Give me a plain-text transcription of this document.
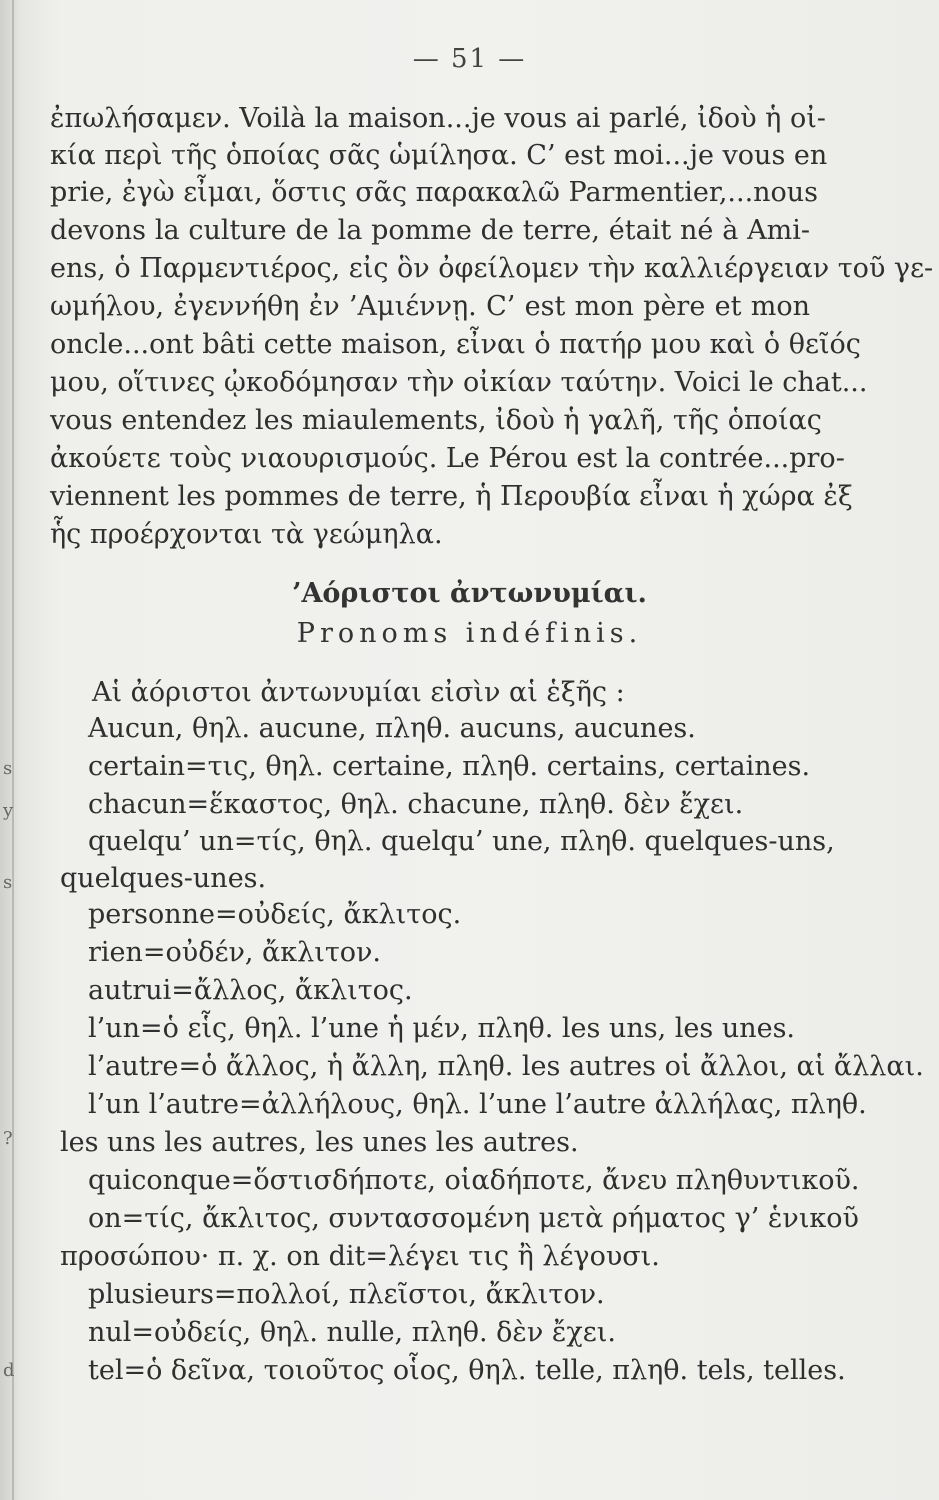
— 51 —
ἐπωλήσαμεν. Voilà la maison...je vous ai parlé, ἰδοὺ ἡ οἰ-
κία περὶ τῆς ὁποίας σᾶς ὡμίλησα. C’ est moi...je vous en
prie, ἐγὼ εἶμαι, ὅστις σᾶς παρακαλῶ Parmentier,...nous
devons la culture de la pomme de terre, était né à Ami-
ens, ὁ Παρμεντιέρος, εἰς ὃν ὀφείλομεν τὴν καλλιέργειαν τοῦ γε-
ωμήλου, ἐγεννήθη ἐν ’Αμιέννῃ. C’ est mon père et mon
oncle...ont bâti cette maison, εἶναι ὁ πατήρ μου καὶ ὁ θεῖός
μου, οἵτινες ᾠκοδόμησαν τὴν οἰκίαν ταύτην. Voici le chat...
vous entendez les miaulements, ἰδοὺ ἡ γαλῆ, τῆς ὁποίας
ἀκούετε τοὺς νιαουρισμούς. Le Pérou est la contrée...pro-
viennent les pommes de terre, ἡ Περουβία εἶναι ἡ χώρα ἐξ
ἧς προέρχονται τὰ γεώμηλα.
’Αόριστοι ἀντωνυμίαι.
Pronoms indéfinis.
Αἱ ἀόριστοι ἀντωνυμίαι εἰσὶν αἱ ἑξῆς :
Aucun, θηλ. aucune, πληθ. aucuns, aucunes.
certain=τις, θηλ. certaine, πληθ. certains, certaines.
chacun=ἕκαστος, θηλ. chacune, πληθ. δὲν ἔχει.
quelqu’ un=τίς, θηλ. quelqu’ une, πληθ. quelques-uns,
quelques-unes.
personne=οὐδείς, ἄκλιτος.
rien=οὐδέν, ἄκλιτον.
autrui=ἄλλος, ἄκλιτος.
l’un=ὁ εἷς, θηλ. l’une ἡ μέν, πληθ. les uns, les unes.
l’autre=ὁ ἄλλος, ἡ ἄλλη, πληθ. les autres οἱ ἄλλοι, αἱ ἄλλαι.
l’un l’autre=ἀλλήλους, θηλ. l’une l’autre ἀλλήλας, πληθ.
les uns les autres, les unes les autres.
quiconque=ὅστισδήποτε, οἱαδήποτε, ἄνευ πληθυντικοῦ.
on=τίς, ἄκλιτος, συντασσομένη μετὰ ρήματος γ’ ἑνικοῦ
προσώπου· π. χ. on dit=λέγει τις ἢ λέγουσι.
plusieurs=πολλοί, πλεῖστοι, ἄκλιτον.
nul=οὐδείς, θηλ. nulle, πληθ. δὲν ἔχει.
tel=ὁ δεῖνα, τοιοῦτος οἷος, θηλ. telle, πληθ. tels, telles.
s
y
s
?
d
